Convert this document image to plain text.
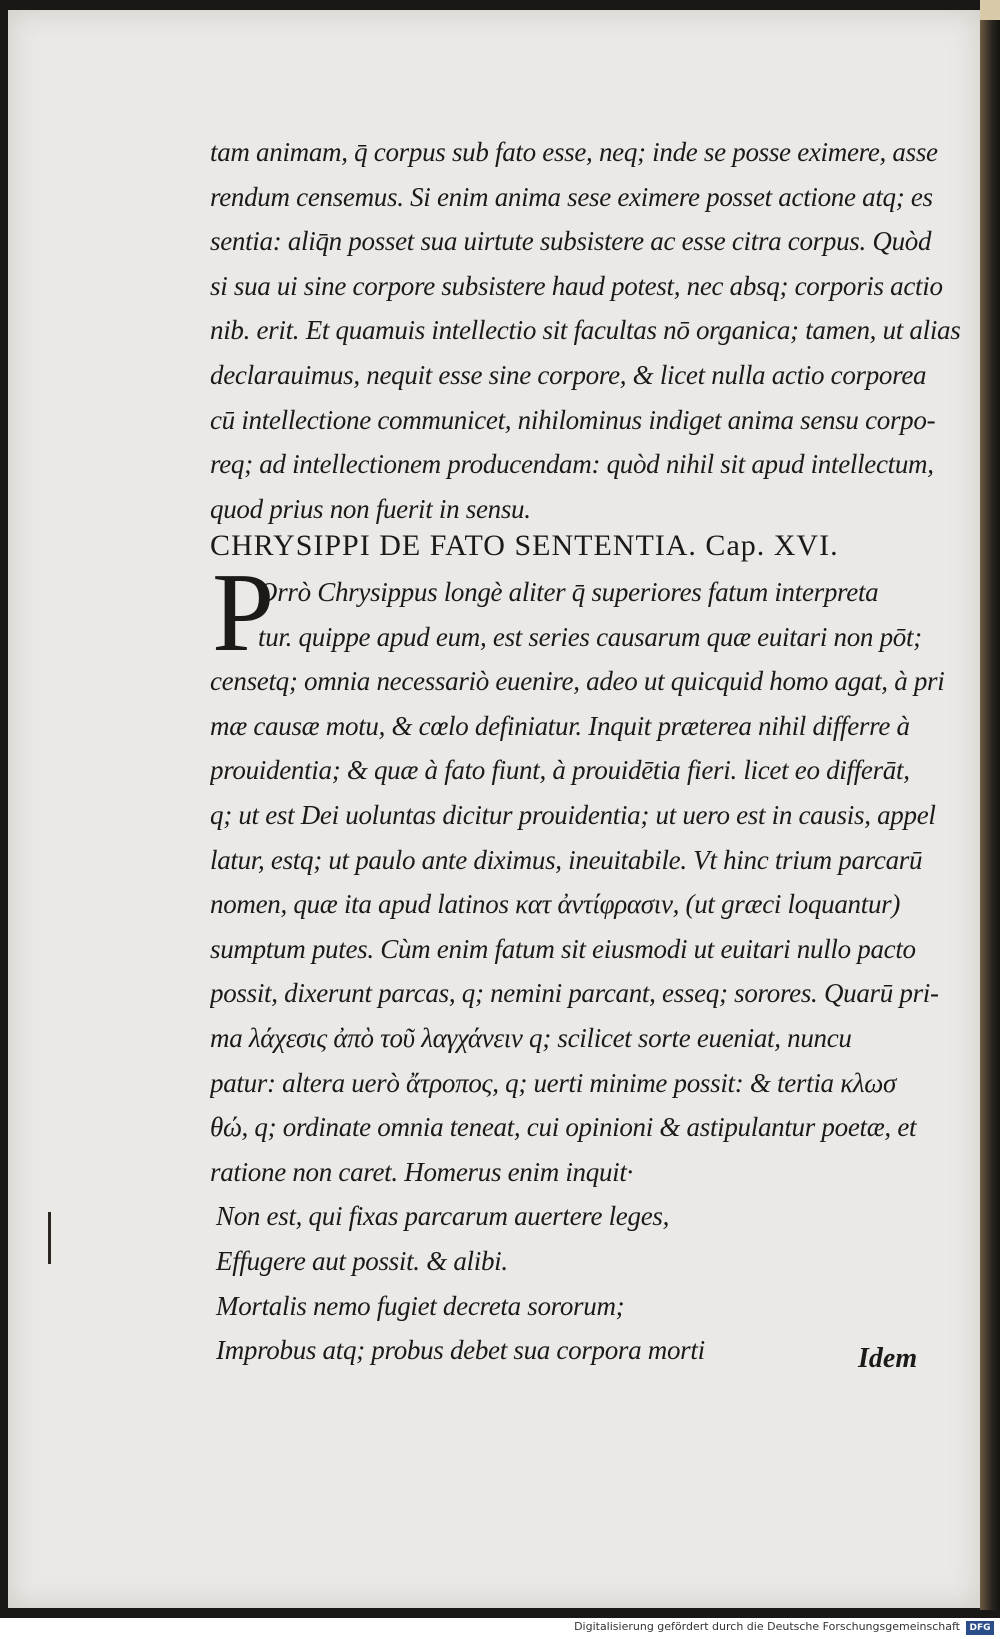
tam animam, q̄ corpus sub fato esse, neq; inde se posse eximere, asse
rendum censemus. Si enim anima sese eximere posset actione atq; es
sentia: aliq̄n posset sua uirtute subsistere ac esse citra corpus. Quòd
si sua ui sine corpore subsistere haud potest, nec absq; corporis actio
nib. erit. Et quamuis intellectio sit facultas nō organica; tamen, ut alias
declarauimus, nequit esse sine corpore, & licet nulla actio corporea
cū intellectione communicet, nihilominus indiget anima sensu corpo-
req; ad intellectionem producendam: quòd nihil sit apud intellectum,
quod prius non fuerit in sensu.
CHRYSIPPI DE FATO SENTENTIA. Cap. XVI.
P
Orrò Chrysippus longè aliter q̄ superiores fatum interpreta
tur. quippe apud eum, est series causarum quæ euitari non pōt;
censetq; omnia necessariò euenire, adeo ut quicquid homo agat, à pri
mæ causæ motu, & cœlo definiatur. Inquit præterea nihil differre à
prouidentia; & quæ à fato fiunt, à prouidētia fieri. licet eo differāt,
q; ut est Dei uoluntas dicitur prouidentia; ut uero est in causis, appel
latur, estq; ut paulo ante diximus, ineuitabile. Vt hinc trium parcarū
nomen, quæ ita apud latinos κατ ἀντίφρασιν, (ut græci loquantur)
sumptum putes. Cùm enim fatum sit eiusmodi ut euitari nullo pacto
possit, dixerunt parcas, q; nemini parcant, esseq; sorores. Quarū pri-
ma λάχεσις ἀπὸ τοῦ λαγχάνειν q; scilicet sorte eueniat, nuncu
patur: altera uerò ἄτροπος, q; uerti minime possit: & tertia κλωσ
θώ, q; ordinate omnia teneat, cui opinioni & astipulantur poetæ, et
ratione non caret. Homerus enim inquit·
Non est, qui fixas parcarum auertere leges,
Effugere aut possit. & alibi.
Mortalis nemo fugiet decreta sororum;
Improbus atq; probus debet sua corpora morti	Idem
Digitalisierung gefördert durch die Deutsche Forschungsgemeinschaft	DFG
